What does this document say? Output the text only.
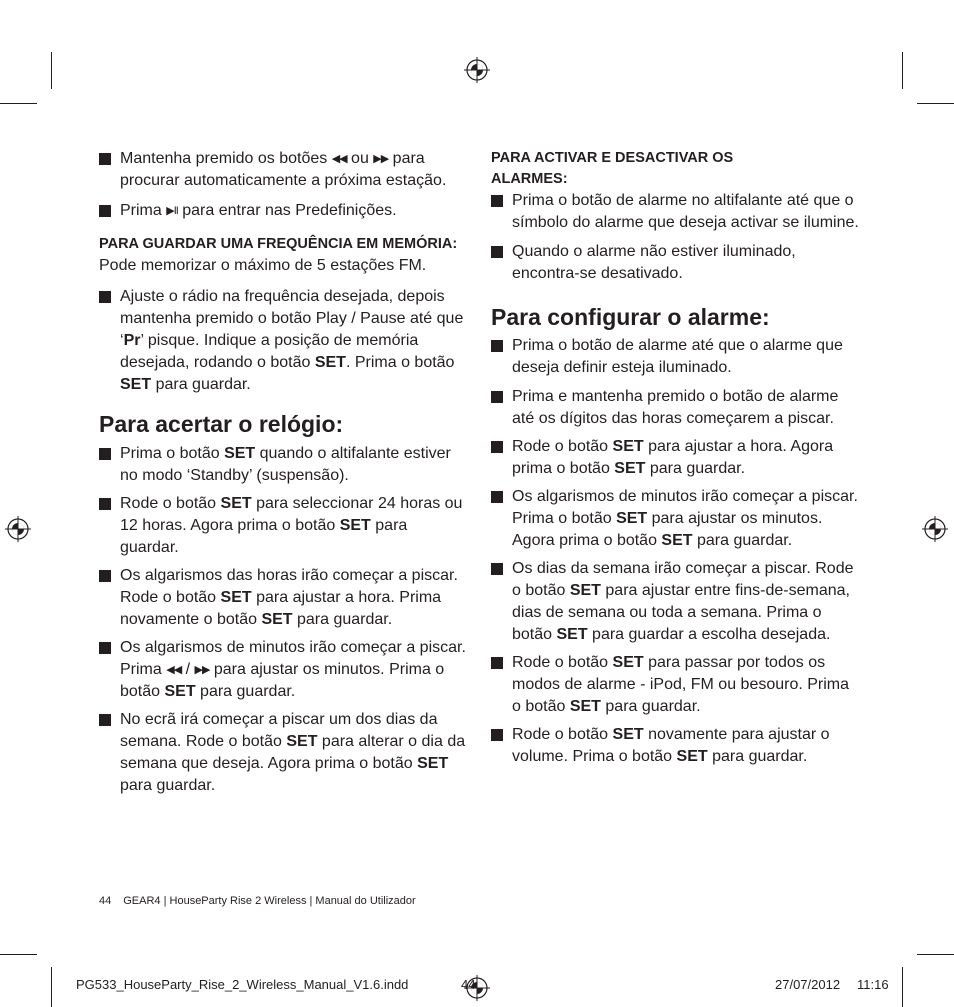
Mantenha premido os botões ◀◀ ou ▶▶ para procurar automaticamente a próxima estação.
Prima ▶II para entrar nas Predefinições.
PARA GUARDAR UMA FREQUÊNCIA EM MEMÓRIA:
Pode memorizar o máximo de 5 estações FM.
Ajuste o rádio na frequência desejada, depois mantenha premido o botão Play / Pause até que ‘Pr’ pisque. Indique a posição de memória desejada, rodando o botão SET. Prima o botão SET para guardar.
Para acertar o relógio:
Prima o botão SET quando o altifalante estiver no modo ‘Standby’ (suspensão).
Rode o botão SET para seleccionar 24 horas ou 12 horas. Agora prima o botão SET para guardar.
Os algarismos das horas irão começar a piscar. Rode o botão SET para ajustar a hora. Prima novamente o botão SET para guardar.
Os algarismos de minutos irão começar a piscar. Prima ◀◀ / ▶▶ para ajustar os minutos. Prima o botão SET para guardar.
No ecrã irá começar a piscar um dos dias da semana. Rode o botão SET para alterar o dia da semana que deseja. Agora prima o botão SET para guardar.
PARA ACTIVAR E DESACTIVAR OS ALARMES:
Prima o botão de alarme no altifalante até que o símbolo do alarme que deseja activar se ilumine.
Quando o alarme não estiver iluminado, encontra-se desativado.
Para configurar o alarme:
Prima o botão de alarme até que o alarme que deseja definir esteja iluminado.
Prima e mantenha premido o botão de alarme até os dígitos das horas começarem a piscar.
Rode o botão SET para ajustar a hora. Agora prima o botão SET para guardar.
Os algarismos de minutos irão começar a piscar. Prima o botão SET para ajustar os minutos. Agora prima o botão SET para guardar.
Os dias da semana irão começar a piscar. Rode o botão SET para ajustar entre fins-de-semana, dias de semana ou toda a semana. Prima o botão SET para guardar a escolha desejada.
Rode o botão SET para passar por todos os modos de alarme - iPod, FM ou besouro. Prima o botão SET para guardar.
Rode o botão SET novamente para ajustar o volume. Prima o botão SET para guardar.
44 GEAR4 | HouseParty Rise 2 Wireless | Manual do Utilizador
PG533_HouseParty_Rise_2_Wireless_Manual_V1.6.indd	44	27/07/2012 11:16
